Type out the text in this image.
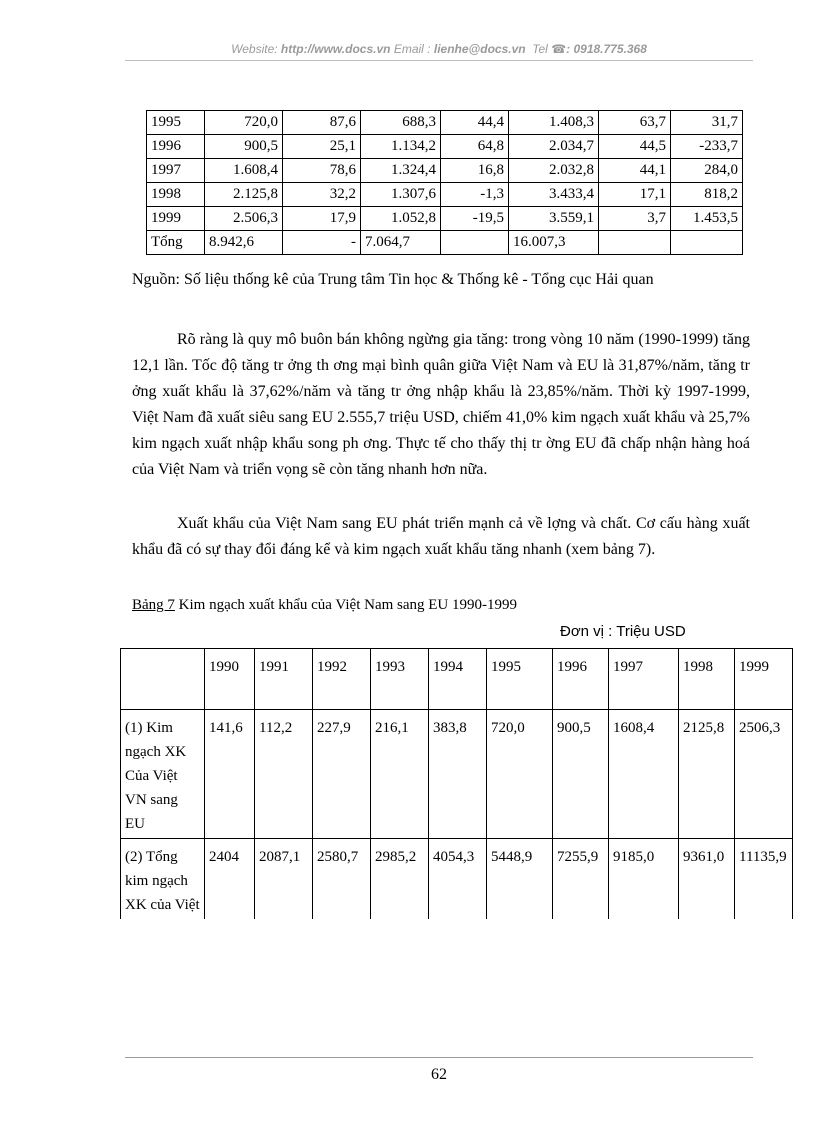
Website: http://www.docs.vn Email : lienhe@docs.vn Tel ☎: 0918.775.368
1995	720,0	87,6	688,3	44,4	1.408,3	63,7	31,7
1996	900,5	25,1	1.134,2	64,8	2.034,7	44,5	-233,7
1997	1.608,4	78,6	1.324,4	16,8	2.032,8	44,1	284,0
1998	2.125,8	32,2	1.307,6	-1,3	3.433,4	17,1	818,2
1999	2.506,3	17,9	1.052,8	-19,5	3.559,1	3,7	1.453,5
Tổng	8.942,6	-	7.064,7		16.007,3		
Nguồn: Số liệu thống kê của Trung tâm Tin học & Thống kê - Tổng cục Hải quan

Rõ ràng là quy mô buôn bán không ngừng gia tăng: trong vòng 10 năm (1990-1999) tăng 12,1 lần. Tốc độ tăng tr ởng th ơng mại bình quân giữa Việt Nam và EU là 31,87%/năm, tăng tr ởng xuất khẩu là 37,62%/năm và tăng tr ởng nhập khẩu là 23,85%/năm. Thời kỳ 1997-1999, Việt Nam đã xuất siêu sang EU 2.555,7 triệu USD, chiếm 41,0% kim ngạch xuất khẩu và 25,7% kim ngạch xuất nhập khẩu song ph ơng. Thực tế cho thấy thị tr ờng EU đã chấp nhận hàng hoá của Việt Nam và triển vọng sẽ còn tăng nhanh hơn nữa.

Xuất khẩu của Việt Nam sang EU phát triển mạnh cả về lợng và chất. Cơ cấu hàng xuất khẩu đã có sự thay đổi đáng kể và kim ngạch xuất khẩu tăng nhanh (xem bảng 7).

Bảng 7 Kim ngạch xuất khẩu của Việt Nam sang EU 1990-1999
Đơn vị : Triệu USD
	1990	1991	1992	1993	1994	1995	1996	1997	1998	1999
(1) Kim ngạch XK Của Việt VN sang EU	141,6	112,2	227,9	216,1	383,8	720,0	900,5	1608,4	2125,8	2506,3
(2) Tổng kim ngạch XK của Việt	2404	2087,1	2580,7	2985,2	4054,3	5448,9	7255,9	9185,0	9361,0	11135,9
62
